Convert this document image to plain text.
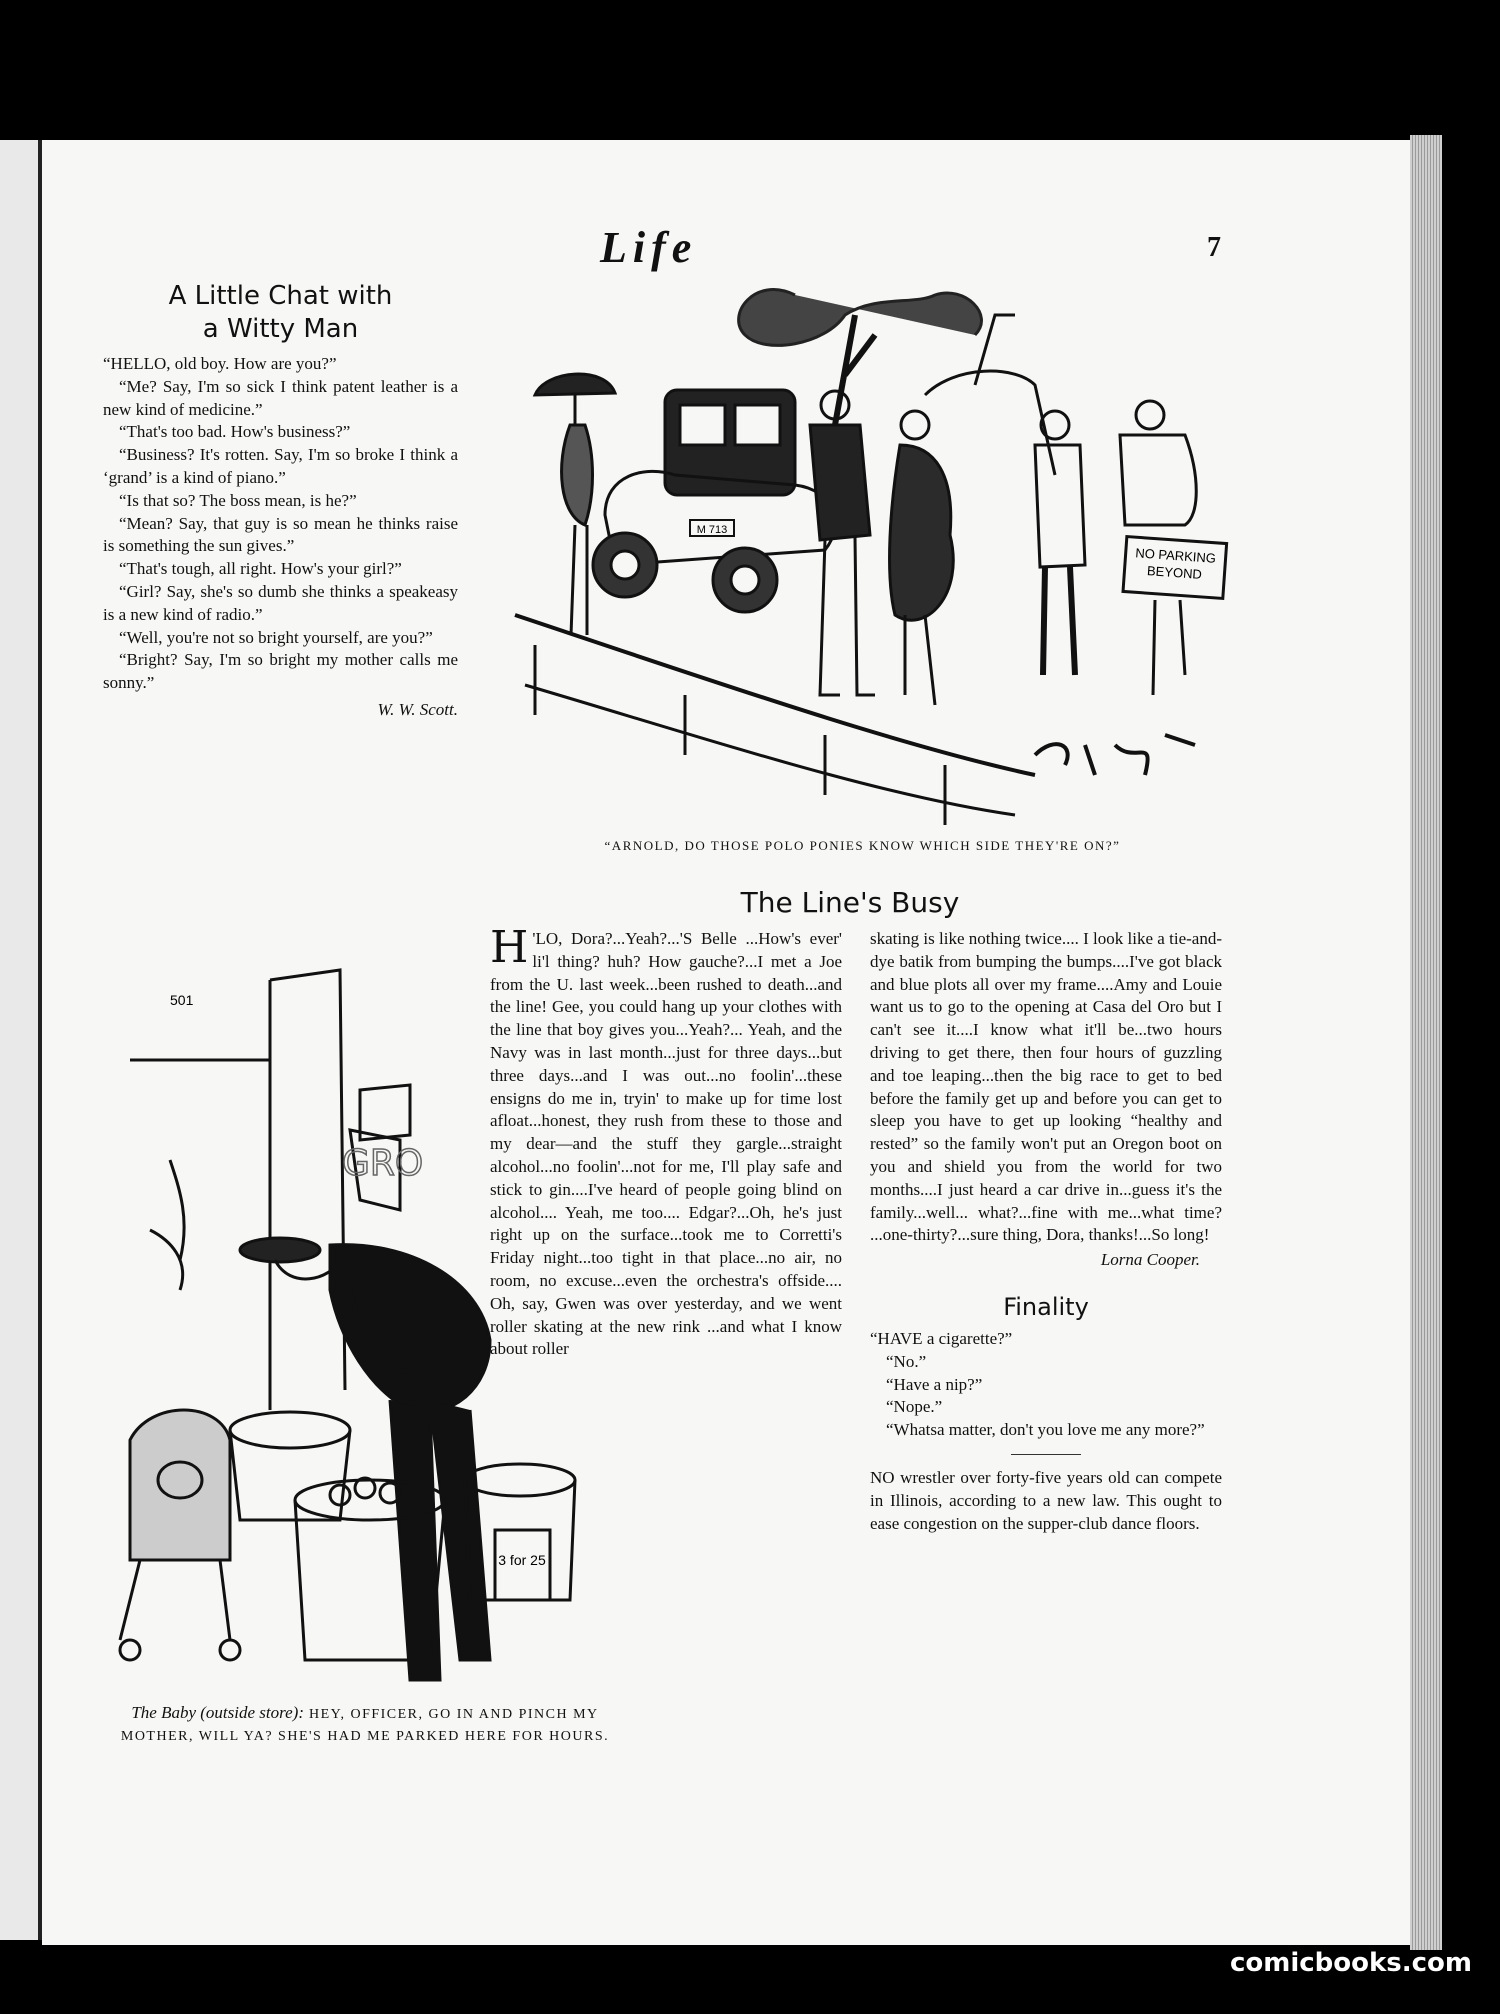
Life	7
A Little Chat with
a Witty Man

“HELLO, old boy. How are you?”

“Me? Say, I'm so sick I think patent leather is a new kind of medicine.”

“That's too bad. How's business?”

“Business? It's rotten. Say, I'm so broke I think a ‘grand’ is a kind of piano.”

“Is that so? The boss mean, is he?”

“Mean? Say, that guy is so mean he thinks raise is something the sun gives.”

“That's tough, all right. How's your girl?”

“Girl? Say, she's so dumb she thinks a speakeasy is a new kind of radio.”

“Well, you're not so bright yourself, are you?”

“Bright? Say, I'm so bright my mother calls me sonny.”

W. W. Scott.
NO PARKING
BEYOND
M 713
“ARNOLD, DO THOSE POLO PONIES KNOW WHICH SIDE THEY'RE ON?”
The Line's Busy

H 'LO, Dora?...Yeah?...'S Belle ...How's ever' li'l thing? huh? How gauche?...I met a Joe from the U. last week...been rushed to death...and the line! Gee, you could hang up your clothes with the line that boy gives you...Yeah?... Yeah, and the Navy was in last month...just for three days...but three days...and I was out...no foolin'...these ensigns do me in, tryin' to make up for time lost afloat...honest, they rush from these to those and my dear—and the stuff they gargle...straight alcohol...no foolin'...not for me, I'll play safe and stick to gin....I've heard of people going blind on alcohol.... Yeah, me too.... Edgar?...Oh, he's just right up on the surface...took me to Corretti's Friday night...too tight in that place...no air, no room, no excuse...even the orchestra's offside.... Oh, say, Gwen was over yesterday, and we went roller skating at the new rink ...and what I know about roller

skating is like nothing twice.... I look like a tie-and-dye batik from bumping the bumps....I've got black and blue plots all over my frame....Amy and Louie want us to go to the opening at Casa del Oro but I can't see it....I know what it'll be...two hours driving to get there, then four hours of guzzling and toe leaping...then the big race to get to bed before the family get up and before you can get to sleep you have to get up looking “healthy and rested” so the family won't put an Oregon boot on you and shield you from the world for two months....I just heard a car drive in...guess it's the family...well... what?...fine with me...what time? ...one-thirty?...sure thing, Dora, thanks!...So long!

Lorna Cooper.
Finality

“HAVE a cigarette?”

“No.”

“Have a nip?”

“Nope.”

“Whatsa matter, don't you love me any more?”

NO wrestler over forty-five years old can compete in Illinois, according to a new law. This ought to ease congestion on the supper-club dance floors.

GRO
3 for 25
501
The Baby (outside store): HEY, OFFICER, GO IN AND PINCH MY MOTHER, WILL YA? SHE'S HAD ME PARKED HERE FOR HOURS.
comicbooks.com
